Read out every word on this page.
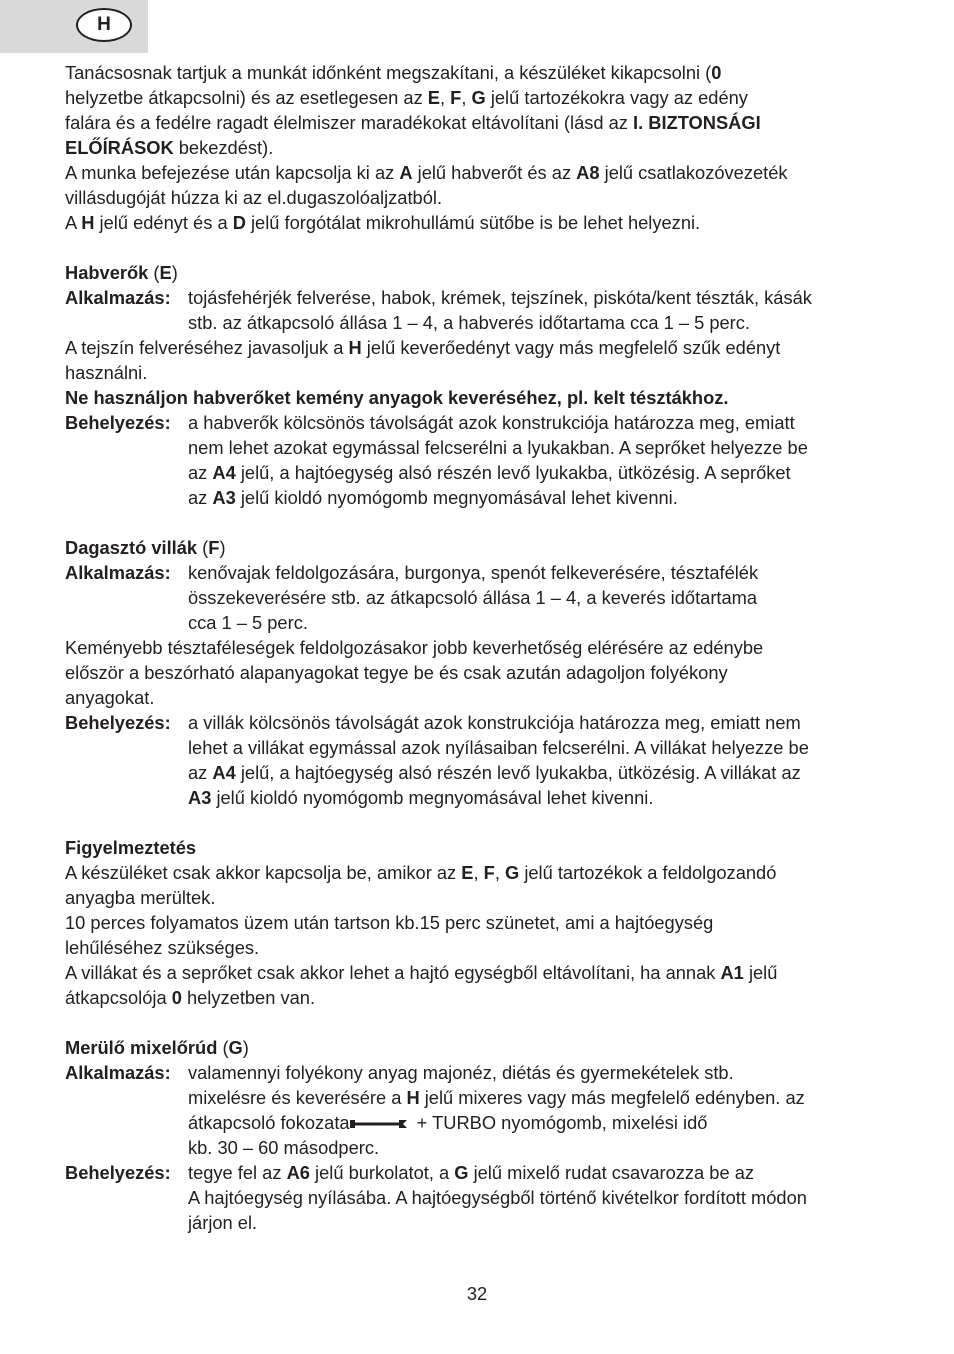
H
Tanácsosnak tartjuk a munkát időnként megszakítani, a készüléket kikapcsolni (0
helyzetbe átkapcsolni) és az esetlegesen az E, F, G jelű tartozékokra vagy az edény
falára és a fedélre ragadt élelmiszer maradékokat eltávolítani (lásd az I. BIZTONSÁGI
ELŐÍRÁSOK bekezdést).
A munka befejezése után kapcsolja ki az A jelű habverőt és az A8 jelű csatlakozóvezeték
villásdugóját húzza ki az el.dugaszolóaljzatból.
A H jelű edényt és a D jelű forgótálat mikrohullámú sütőbe is be lehet helyezni.
Habverők (E)
Alkalmazás: tojásfehérjék felverése, habok, krémek, tejszínek, piskóta/kent tészták, kásák
stb. az átkapcsoló állása 1 – 4, a habverés időtartama cca 1 – 5 perc.
A tejszín felveréséhez javasoljuk a H jelű keverőedényt vagy más megfelelő szűk edényt
használni.
Ne használjon habverőket kemény anyagok keveréséhez, pl. kelt tésztákhoz.
Behelyezés: a habverők kölcsönös távolságát azok konstrukciója határozza meg, emiatt
nem lehet azokat egymással felcserélni a lyukakban. A seprőket helyezze be
az A4 jelű, a hajtóegység alsó részén levő lyukakba, ütközésig. A seprőket
az A3 jelű kioldó nyomógomb megnyomásával lehet kivenni.
Dagasztó villák (F)
Alkalmazás: kenővajak feldolgozására, burgonya, spenót felkeverésére, tésztafélék
összekeverésére stb. az átkapcsoló állása 1 – 4, a keverés időtartama
cca 1 – 5 perc.
Keményebb tésztaféleségek feldolgozásakor jobb keverhetőség elérésére az edénybe
először a beszórható alapanyagokat tegye be és csak azután adagoljon folyékony
anyagokat.
Behelyezés: a villák kölcsönös távolságát azok konstrukciója határozza meg, emiatt nem
lehet a villákat egymással azok nyílásaiban felcserélni. A villákat helyezze be
az A4 jelű, a hajtóegység alsó részén levő lyukakba, ütközésig. A villákat az
A3 jelű kioldó nyomógomb megnyomásával lehet kivenni.
Figyelmeztetés
A készüléket csak akkor kapcsolja be, amikor az E, F, G jelű tartozékok a feldolgozandó
anyagba merültek.
10 perces folyamatos üzem után tartson kb.15 perc szünetet, ami a hajtóegység
lehűléséhez szükséges.
A villákat és a seprőket csak akkor lehet a hajtó egységből eltávolítani, ha annak A1 jelű
átkapcsolója 0 helyzetben van.
Merülő mixelőrúd (G)
Alkalmazás: valamennyi folyékony anyag majonéz, diétás és gyermekételek stb.
mixelésre és keverésére a H jelű mixeres vagy más megfelelő edényben. az
átkapcsoló fokozata	+ TURBO nyomógomb, mixelési idő
kb. 30 – 60 másodperc.
Behelyezés: tegye fel az A6 jelű burkolatot, a G jelű mixelő rudat csavarozza be az
A hajtóegység nyílásába. A hajtóegységből történő kivételkor fordított módon
járjon el.
32
